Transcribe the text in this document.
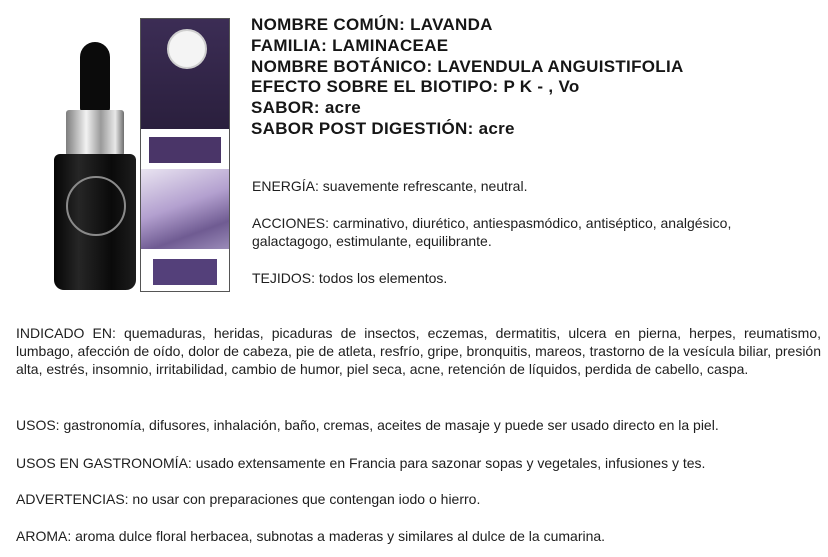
NOMBRE COMÚN: LAVANDA
FAMILIA: LAMINACEAE
NOMBRE BOTÁNICO: LAVENDULA ANGUISTIFOLIA
EFECTO SOBRE EL BIOTIPO: P K - , Vo
SABOR: acre
SABOR POST DIGESTIÓN: acre

ENERGÍA: suavemente refrescante, neutral.

ACCIONES: carminativo, diurético, antiespasmódico, antiséptico, analgésico, galactagogo, estimulante, equilibrante.

TEJIDOS: todos los elementos.

INDICADO EN: quemaduras, heridas, picaduras de insectos, eczemas, dermatitis, ulcera en pierna, herpes, reumatismo, lumbago, afección de oído, dolor de cabeza, pie de atleta, resfrío, gripe, bronquitis, mareos, trastorno de la vesícula biliar, presión alta, estrés, insomnio, irritabilidad, cambio de humor, piel seca, acne, retención de líquidos, perdida de cabello, caspa.

USOS: gastronomía, difusores, inhalación, baño, cremas, aceites de masaje y puede ser usado directo en la piel.

USOS EN GASTRONOMÍA: usado extensamente en Francia para sazonar sopas y vegetales, infusiones y tes.

ADVERTENCIAS: no usar con preparaciones que contengan iodo o hierro.

AROMA: aroma dulce floral herbacea, subnotas a maderas y similares al dulce de la cumarina.
